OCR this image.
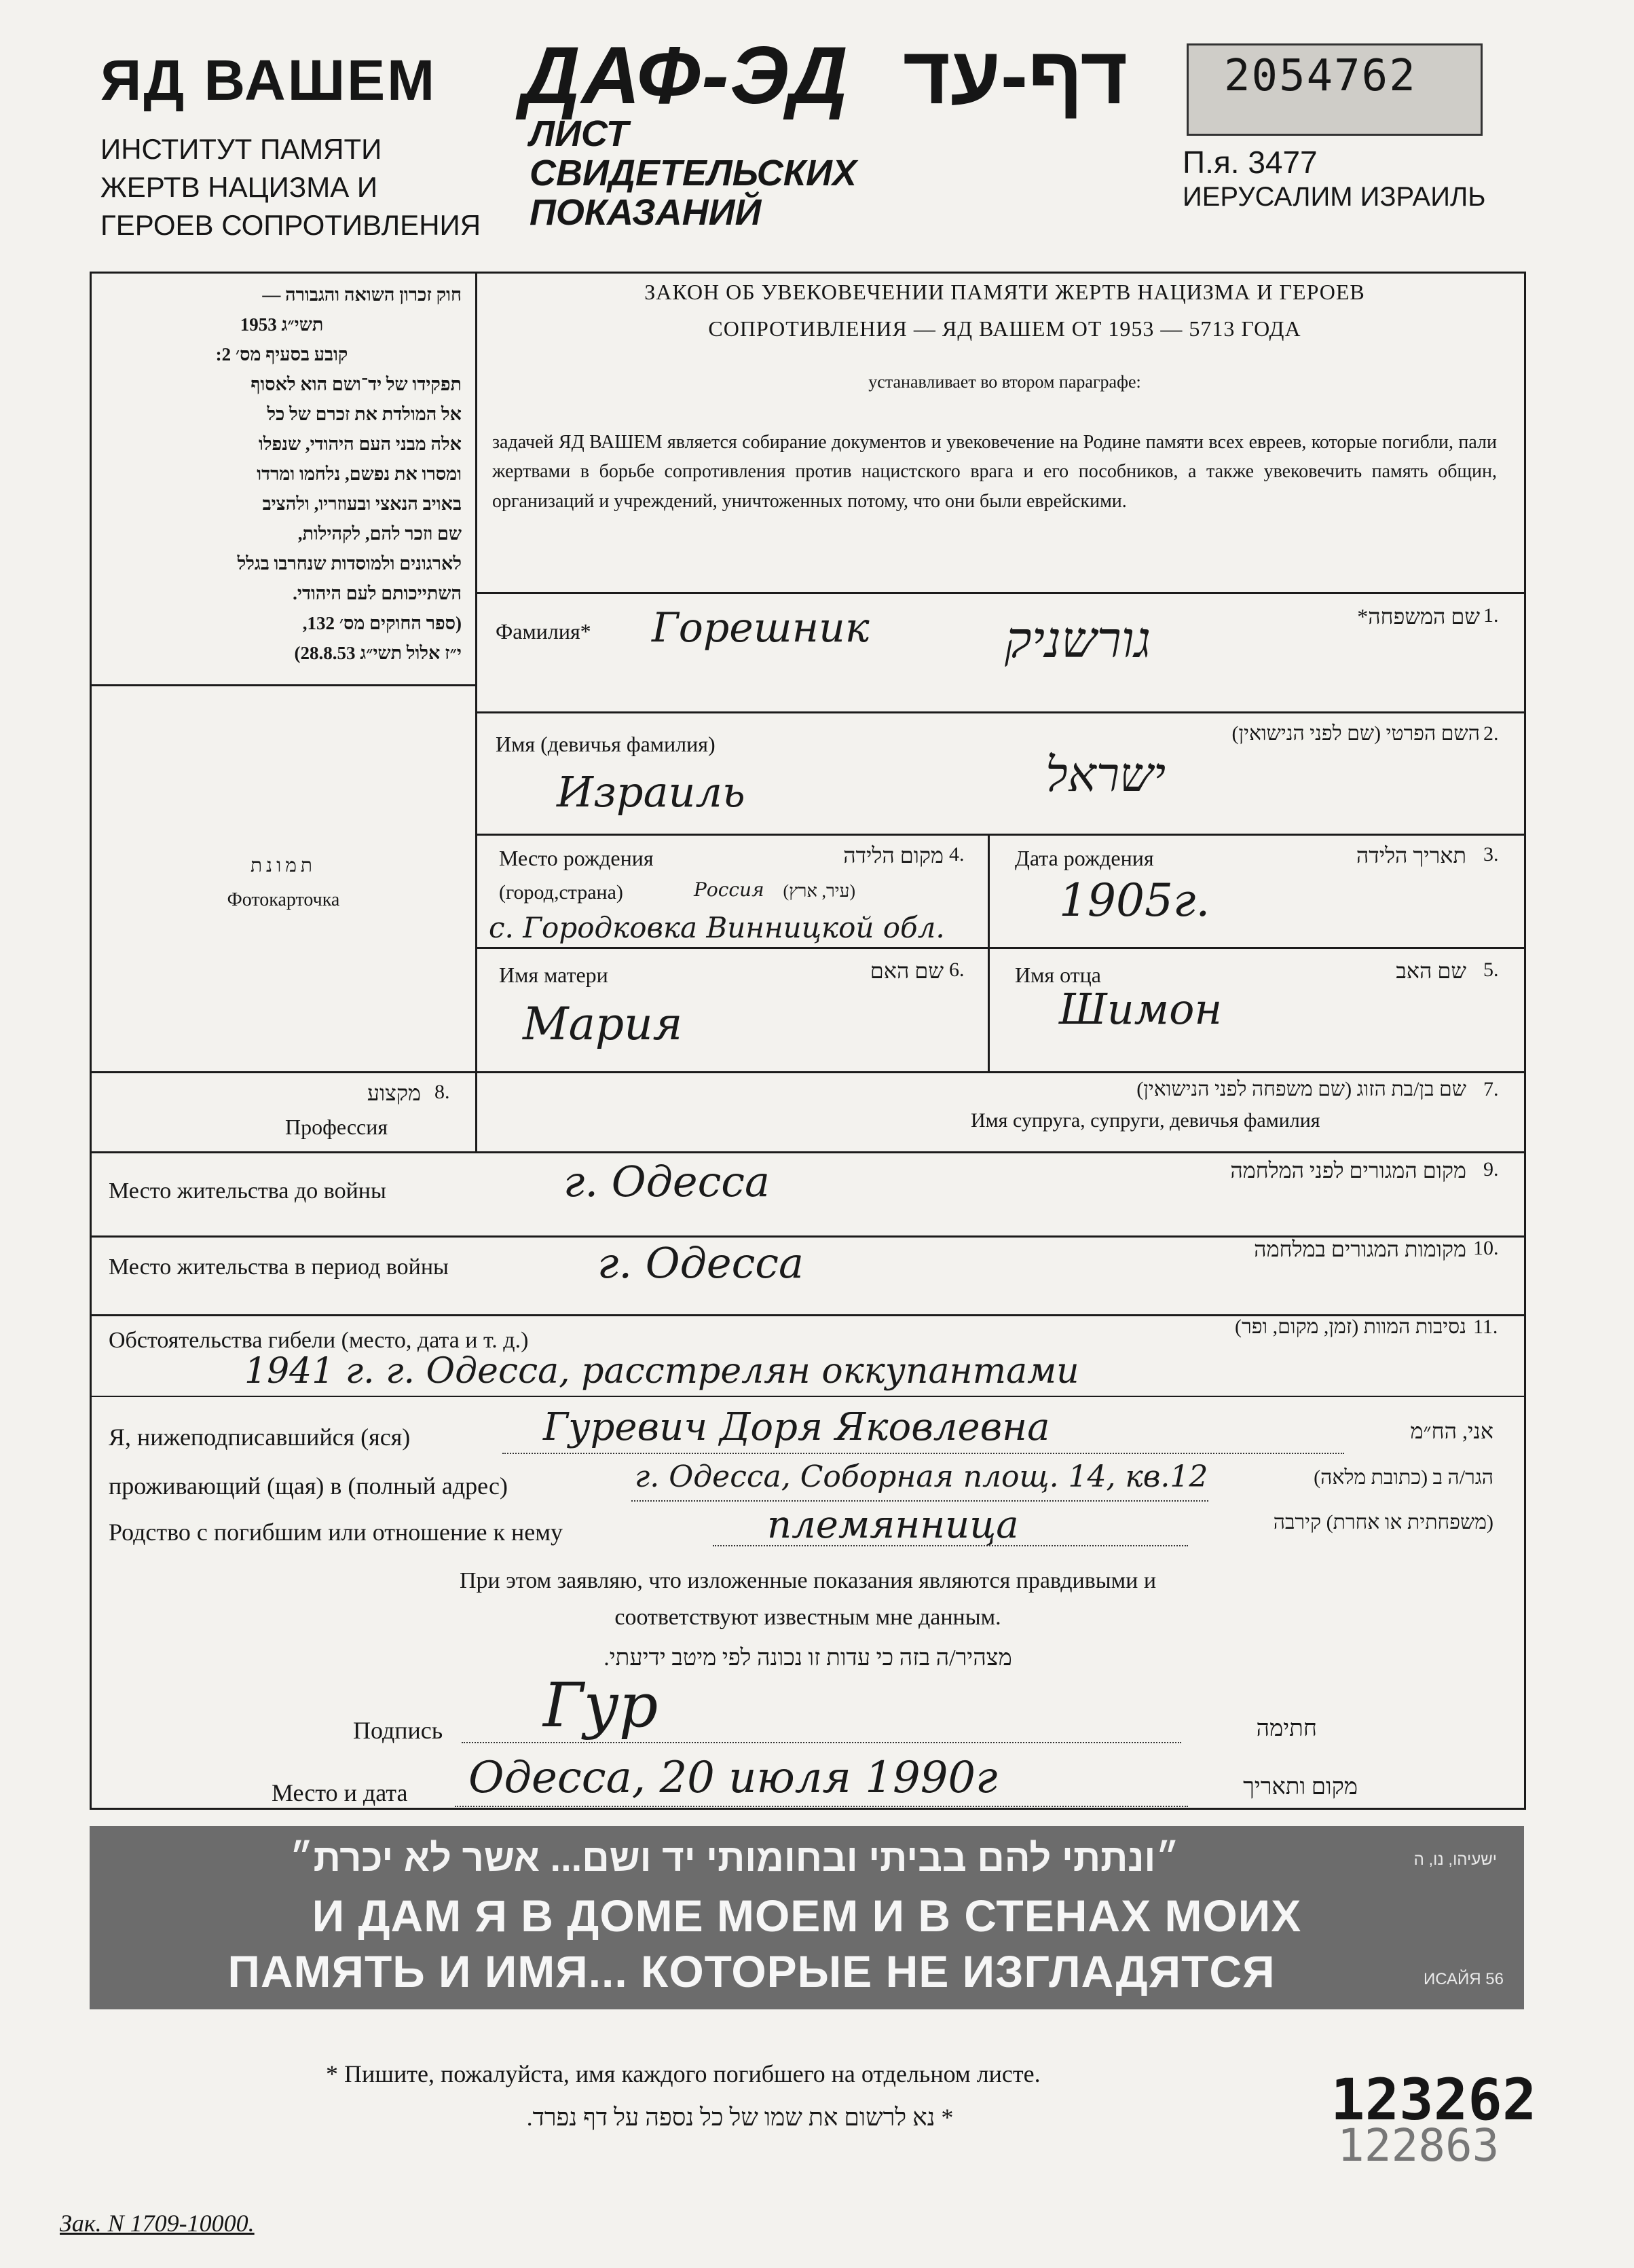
ЯД ВАШЕМ ДАФ-ЭД דף-עד 2054762
ИНСТИТУТ ПАМЯТИ
ЖЕРТВ НАЦИЗМА И
ГЕРОЕВ СОПРОТИВЛЕНИЯ
ЛИСТ
СВИДЕТЕЛЬСКИХ
ПОКАЗАНИЙ
П.я. 3477
ИЕРУСАЛИМ ИЗРАИЛЬ
חוק זכרון השואה והגבורה —
תשי״ג 1953
קובע בסעיף מס׳ 2:
תפקידו של יד־ושם הוא לאסוף
אל המולדת את זכרם של כל
אלה מבני העם היהודי, שנפלו
ומסרו את נפשם, נלחמו ומרדו
באויב הנאצי ובעוזריו, ולהציב
שם וזכר להם, לקהילות,
לארגונים ולמוסדות שנחרבו בגלל
השתייכותם לעם היהודי.
(ספר החוקים מס׳ 132,
י״ז אלול תשי״ג 28.8.53)
ЗАКОН ОБ УВЕКОВЕЧЕНИИ ПАМЯТИ ЖЕРТВ НАЦИЗМА И ГЕРОЕВ
СОПРОТИВЛЕНИЯ — ЯД ВАШЕМ ОТ 1953 — 5713 ГОДА
устанавливает во втором параграфе:
задачей ЯД ВАШЕМ является собирание документов и увековечение на Родине памяти всех евреев, которые погибли, пали жертвами в борьбе сопротивления против нацистского врага и его пособников, а также увековечить память общин, организаций и учреждений, уничтоженных потому, что они были еврейскими.
תמונת
Фотокарточка
Фамилия* Горешник	גורשניק	שם המשפחה* 1.
Имя (девичья фамилия)
Израиль	ישראל
השם הפרטי (שם לפני הנישואין) 2.
Место рождения	מקום הלידה 4.
(город,страна)	Россия	(עיר, ארץ)
с. Городковка Винницкой обл.
Дата рождения	תאריך הלידה 3.
1905г.
Имя матери	שם האם 6.
Мария
Имя отца	שם האב 5.
Шимон
מקצוע 8.
Профессия
שם בן/בת הזוג (שם משפחה לפני הנישואין) 7.
Имя супруга, супруги, девичья фамилия
Место жительства до войны	г. Одесса	מקום המגורים לפני המלחמה 9.
Место жительства в период войны	г. Одесса	מקומות המגורים במלחמה 10.
Обстоятельства гибели (место, дата и т. д.)
נסיבות המוות (זמן, מקום, ופר) 11.
1941 г. г. Одесса, расстрелян оккупантами
Я, нижеподписавшийся (яся)	Гуревич Доря Яковлевна	אני, הח״מ
проживающий (щая) в (полный адрес)	г. Одесса, Соборная площ. 14, кв.12	הגר/ה ב (כתובת מלאה)
Родство с погибшим или отношение к нему	племянница	(משפחתית או אחרת) קירבה
При этом заявляю, что изложенные показания являются правдивыми и
соответствуют известным мне данным.
מצהיר/ה בזה כי עדות זו נכונה לפי מיטב ידיעתי.
Подпись Гур	חתימה
Место и дата Одесса, 20 июля 1990г	מקום ותאריך
״ונתתי להם בביתי ובחומותי יד ושם... אשר לא יכרת״	ישעיהו, נו, ה
И ДАМ Я В ДОМЕ МОЕМ И В СТЕНАХ МОИХ
ПАМЯТЬ И ИМЯ... КОТОРЫЕ НЕ ИЗГЛАДЯТСЯ	ИСАЙЯ 56
* Пишите, пожалуйста, имя каждого погибшего на отдельном листе.
* נא לרשום את שמו של כל נספה על דף נפרד.
Зак. N 1709-10000.
123262
122863
